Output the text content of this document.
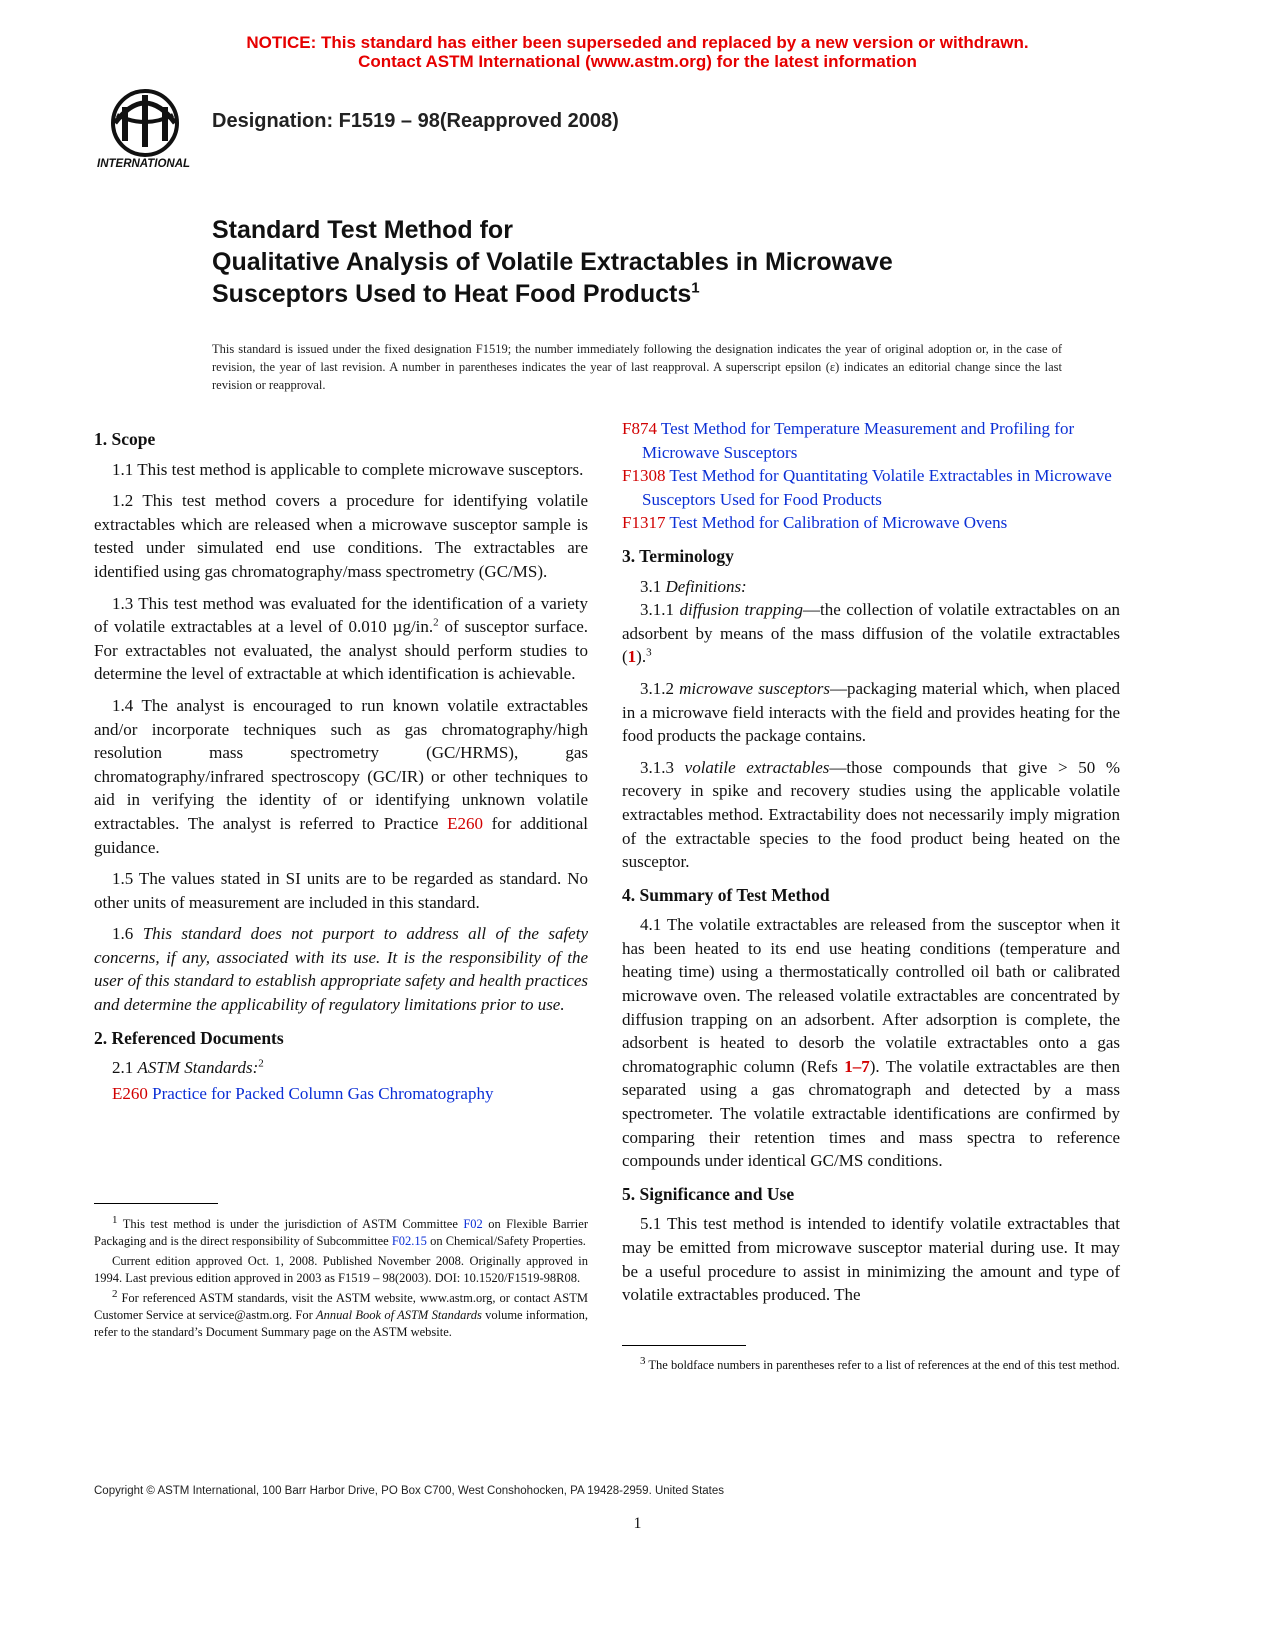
NOTICE: This standard has either been superseded and replaced by a new version or withdrawn.
Contact ASTM International (www.astm.org) for the latest information
INTERNATIONAL
Designation: F1519 – 98(Reapproved 2008)
Standard Test Method for
Qualitative Analysis of Volatile Extractables in Microwave
Susceptors Used to Heat Food Products$^1$
This standard is issued under the fixed designation F1519; the number immediately following the designation indicates the year of original adoption or, in the case of revision, the year of last revision. A number in parentheses indicates the year of last reapproval. A superscript epsilon (ε) indicates an editorial change since the last revision or reapproval.
1. Scope

1.1 This test method is applicable to complete microwave susceptors.

1.2 This test method covers a procedure for identifying volatile extractables which are released when a microwave susceptor sample is tested under simulated end use conditions. The extractables are identified using gas chromatography/mass spectrometry (GC/MS).

1.3 This test method was evaluated for the identification of a variety of volatile extractables at a level of 0.010 µg/in.$^2$ of susceptor surface. For extractables not evaluated, the analyst should perform studies to determine the level of extractable at which identification is achievable.

1.4 The analyst is encouraged to run known volatile extractables and/or incorporate techniques such as gas chromatography/high resolution mass spectrometry (GC/HRMS), gas chromatography/infrared spectroscopy (GC/IR) or other techniques to aid in verifying the identity of or identifying unknown volatile extractables. The analyst is referred to Practice E260 for additional guidance.

1.5 The values stated in SI units are to be regarded as standard. No other units of measurement are included in this standard.

1.6 This standard does not purport to address all of the safety concerns, if any, associated with its use. It is the responsibility of the user of this standard to establish appropriate safety and health practices and determine the applicability of regulatory limitations prior to use.

2. Referenced Documents

2.1 ASTM Standards:$^2$

E260 Practice for Packed Column Gas Chromatography

$^1$ This test method is under the jurisdiction of ASTM Committee F02 on Flexible Barrier Packaging and is the direct responsibility of Subcommittee F02.15 on Chemical/Safety Properties.

Current edition approved Oct. 1, 2008. Published November 2008. Originally approved in 1994. Last previous edition approved in 2003 as F1519 – 98(2003). DOI: 10.1520/F1519-98R08.

$^2$ For referenced ASTM standards, visit the ASTM website, www.astm.org, or contact ASTM Customer Service at service@astm.org. For Annual Book of ASTM Standards volume information, refer to the standard’s Document Summary page on the ASTM website.

F874 Test Method for Temperature Measurement and Profiling for Microwave Susceptors
F1308 Test Method for Quantitating Volatile Extractables in Microwave Susceptors Used for Food Products
F1317 Test Method for Calibration of Microwave Ovens
3. Terminology

3.1 Definitions:

3.1.1 diffusion trapping—the collection of volatile extractables on an adsorbent by means of the mass diffusion of the volatile extractables (1).$^3$

3.1.2 microwave susceptors—packaging material which, when placed in a microwave field interacts with the field and provides heating for the food products the package contains.

3.1.3 volatile extractables—those compounds that give > 50 % recovery in spike and recovery studies using the applicable volatile extractables method. Extractability does not necessarily imply migration of the extractable species to the food product being heated on the susceptor.

4. Summary of Test Method

4.1 The volatile extractables are released from the susceptor when it has been heated to its end use heating conditions (temperature and heating time) using a thermostatically controlled oil bath or calibrated microwave oven. The released volatile extractables are concentrated by diffusion trapping on an adsorbent. After adsorption is complete, the adsorbent is heated to desorb the volatile extractables onto a gas chromatographic column (Refs 1–7). The volatile extractables are then separated using a gas chromatograph and detected by a mass spectrometer. The volatile extractable identifications are confirmed by comparing their retention times and mass spectra to reference compounds under identical GC/MS conditions.

5. Significance and Use

5.1 This test method is intended to identify volatile extractables that may be emitted from microwave susceptor material during use. It may be a useful procedure to assist in minimizing the amount and type of volatile extractables produced. The

$^3$ The boldface numbers in parentheses refer to a list of references at the end of this test method.

Copyright © ASTM International, 100 Barr Harbor Drive, PO Box C700, West Conshohocken, PA 19428-2959. United States
1
